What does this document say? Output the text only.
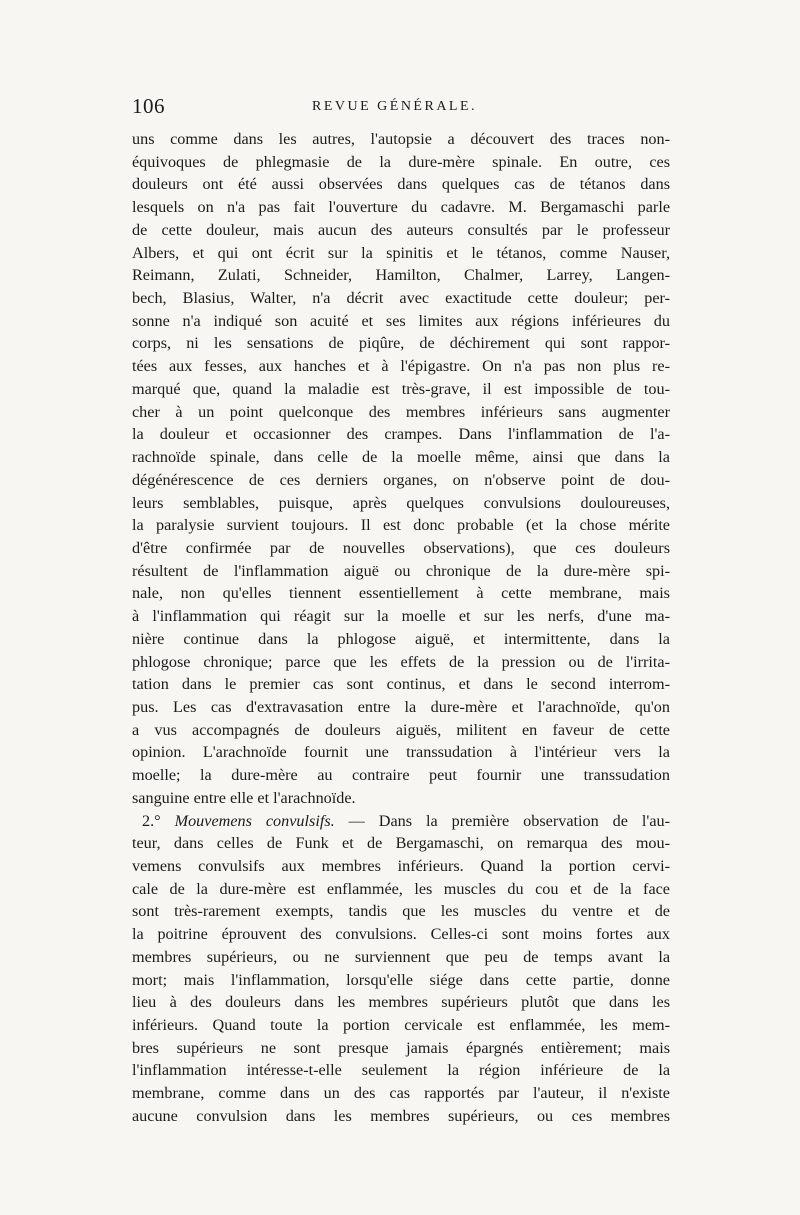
106	REVUE GÉNÉRALE.
uns comme dans les autres, l'autopsie a découvert des traces non-
équivoques de phlegmasie de la dure-mère spinale. En outre, ces
douleurs ont été aussi observées dans quelques cas de tétanos dans
lesquels on n'a pas fait l'ouverture du cadavre. M. Bergamaschi parle
de cette douleur, mais aucun des auteurs consultés par le professeur
Albers, et qui ont écrit sur la spinitis et le tétanos, comme Nauser,
Reimann, Zulati, Schneider, Hamilton, Chalmer, Larrey, Langen-
bech, Blasius, Walter, n'a décrit avec exactitude cette douleur; per-
sonne n'a indiqué son acuité et ses limites aux régions inférieures du
corps, ni les sensations de piqûre, de déchirement qui sont rappor-
tées aux fesses, aux hanches et à l'épigastre. On n'a pas non plus re-
marqué que, quand la maladie est très-grave, il est impossible de tou-
cher à un point quelconque des membres inférieurs sans augmenter
la douleur et occasionner des crampes. Dans l'inflammation de l'a-
rachnoïde spinale, dans celle de la moelle même, ainsi que dans la
dégénérescence de ces derniers organes, on n'observe point de dou-
leurs semblables, puisque, après quelques convulsions douloureuses,
la paralysie survient toujours. Il est donc probable (et la chose mérite
d'être confirmée par de nouvelles observations), que ces douleurs
résultent de l'inflammation aiguë ou chronique de la dure-mère spi-
nale, non qu'elles tiennent essentiellement à cette membrane, mais
à l'inflammation qui réagit sur la moelle et sur les nerfs, d'une ma-
nière continue dans la phlogose aiguë, et intermittente, dans la
phlogose chronique; parce que les effets de la pression ou de l'irrita-
tation dans le premier cas sont continus, et dans le second interrom-
pus. Les cas d'extravasation entre la dure-mère et l'arachnoïde, qu'on
a vus accompagnés de douleurs aiguës, militent en faveur de cette
opinion. L'arachnoïde fournit une transsudation à l'intérieur vers la
moelle; la dure-mère au contraire peut fournir une transsudation
sanguine entre elle et l'arachnoïde.
2.° Mouvemens convulsifs. — Dans la première observation de l'au-
teur, dans celles de Funk et de Bergamaschi, on remarqua des mou-
vemens convulsifs aux membres inférieurs. Quand la portion cervi-
cale de la dure-mère est enflammée, les muscles du cou et de la face
sont très-rarement exempts, tandis que les muscles du ventre et de
la poitrine éprouvent des convulsions. Celles-ci sont moins fortes aux
membres supérieurs, ou ne surviennent que peu de temps avant la
mort; mais l'inflammation, lorsqu'elle siége dans cette partie, donne
lieu à des douleurs dans les membres supérieurs plutôt que dans les
inférieurs. Quand toute la portion cervicale est enflammée, les mem-
bres supérieurs ne sont presque jamais épargnés entièrement; mais
l'inflammation intéresse-t-elle seulement la région inférieure de la
membrane, comme dans un des cas rapportés par l'auteur, il n'existe
aucune convulsion dans les membres supérieurs, ou ces membres
